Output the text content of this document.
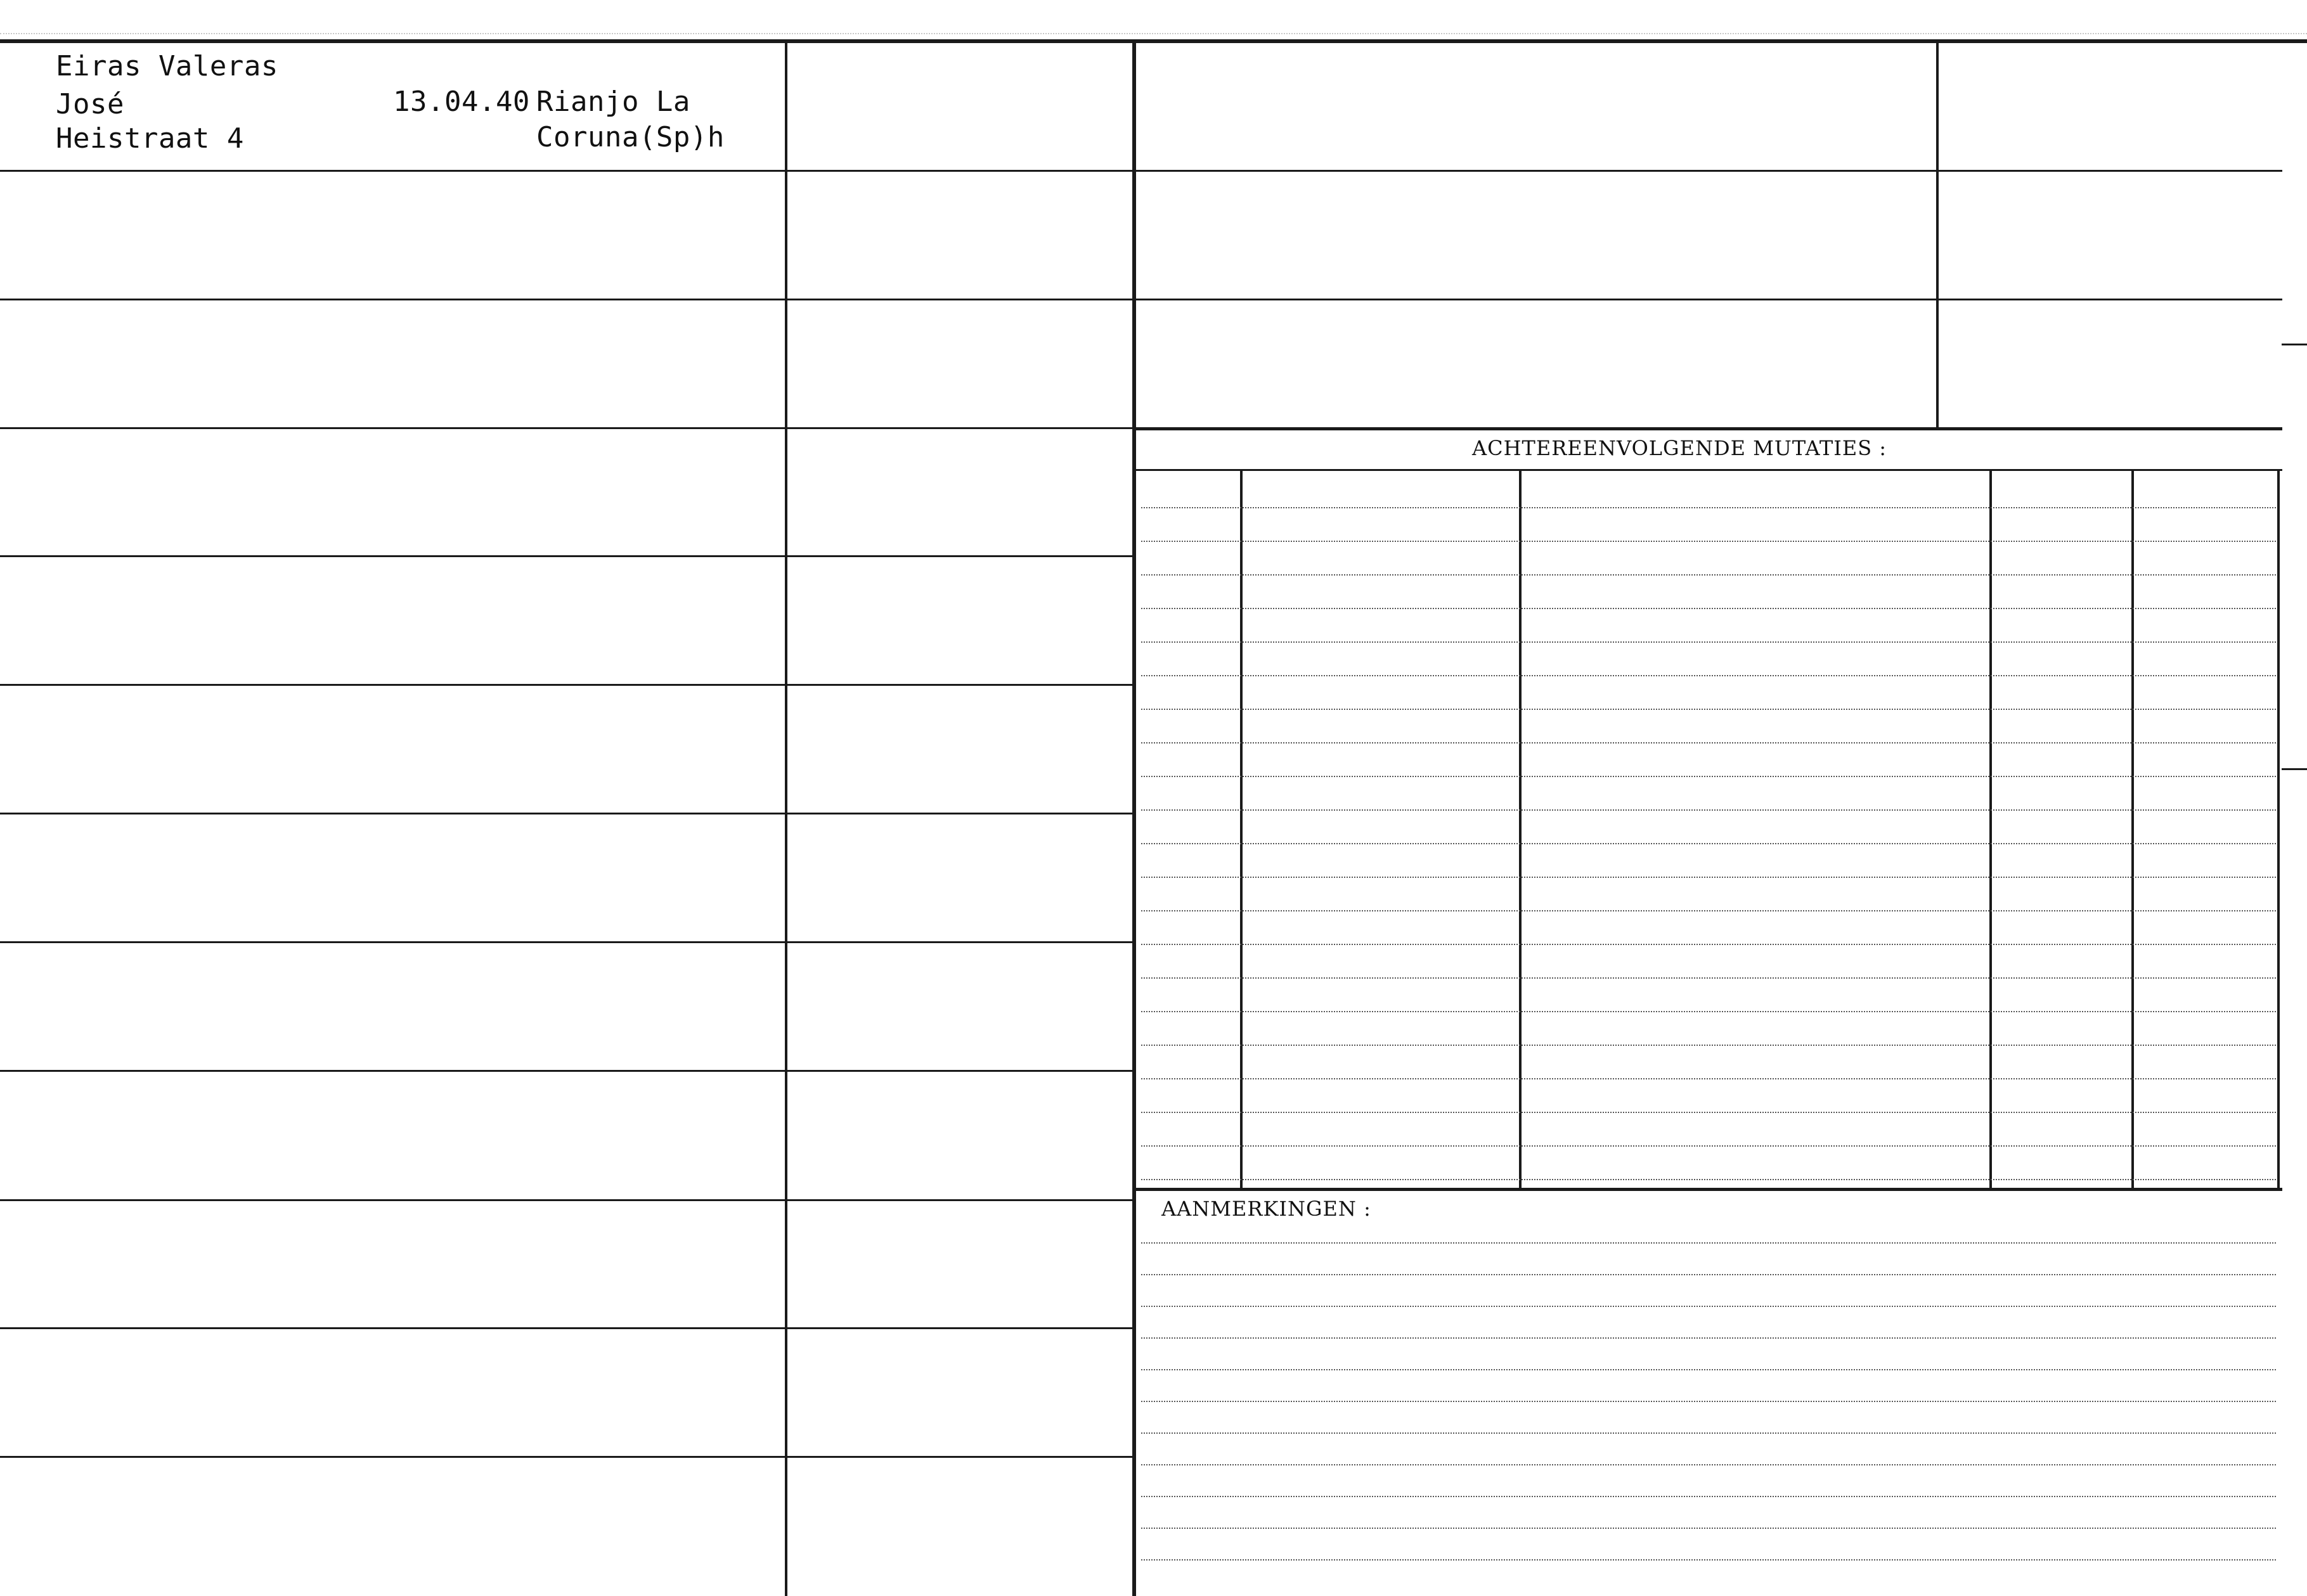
Eiras Valeras
José
Heistraat 4
13.04.40 Rianjo La
Coruna(Sp)h
ACHTEREENVOLGENDE MUTATIES :
AANMERKINGEN :
